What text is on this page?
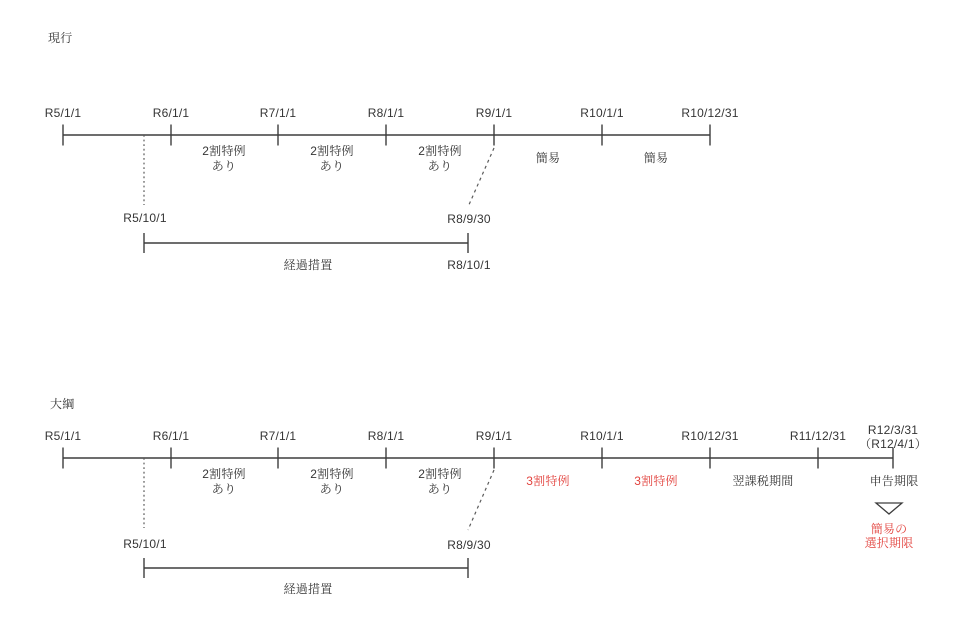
現行
R5/1/1	R6/1/1	R7/1/1	R8/1/1	R9/1/1	R10/1/1	R10/12/31
2割特例
あり
2割特例
あり
2割特例
あり
簡易	簡易
R5/10/1	R8/9/30
経過措置	R8/10/1
大綱
R5/1/1	R6/1/1	R7/1/1	R8/1/1	R9/1/1	R10/1/1	R10/12/31	R11/12/31 R12/3/31
（R12/4/1）
2割特例
あり
2割特例
あり
2割特例
あり
3割特例	3割特例	翌課税期間	申告期限
R5/10/1	R8/9/30
経過措置
簡易の
選択期限
